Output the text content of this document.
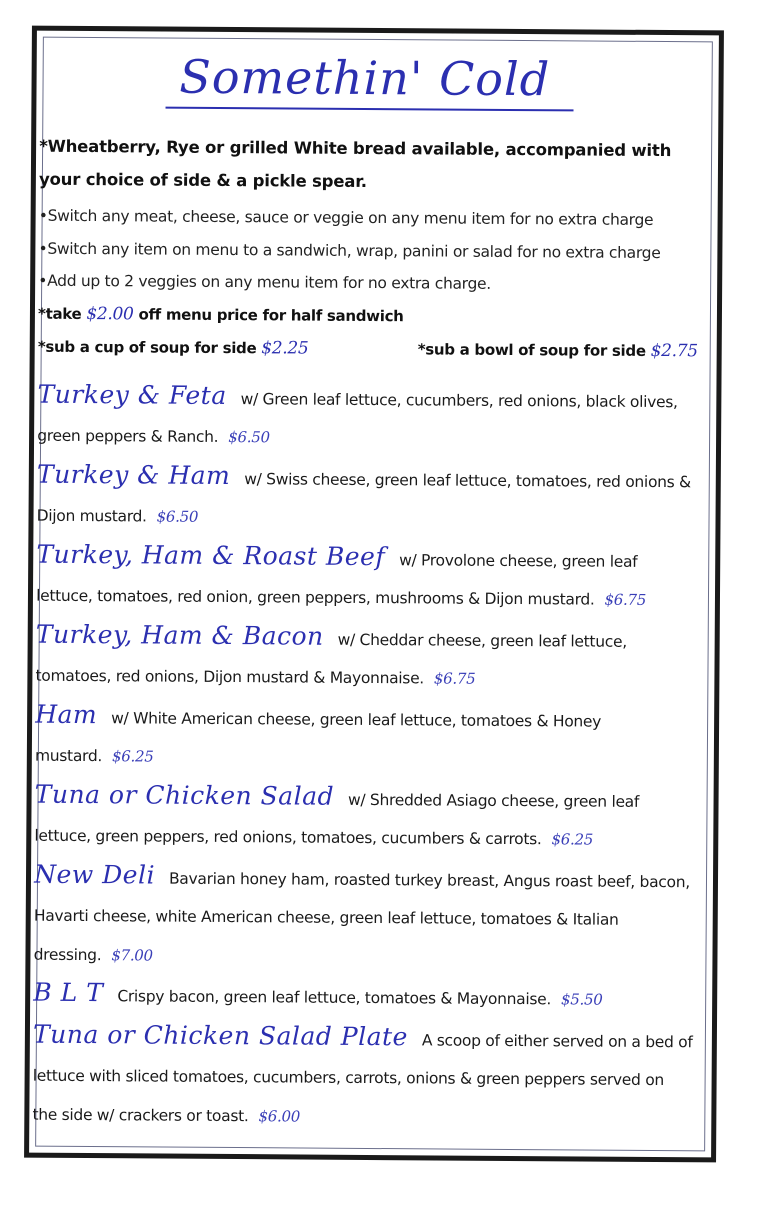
Somethin' Cold
*Wheatberry, Rye or grilled White bread available, accompanied with your choice of side & a pickle spear.
•Switch any meat, cheese, sauce or veggie on any menu item for no extra charge
•Switch any item on menu to a sandwich, wrap, panini or salad for no extra charge
•Add up to 2 veggies on any menu item for no extra charge.
*take $2.00 off menu price for half sandwich
*sub a cup of soup for side $2.25	*sub a bowl of soup for side $2.75
Turkey & Feta w/ Green leaf lettuce, cucumbers, red onions, black olives, green peppers & Ranch. $6.50
Turkey & Ham w/ Swiss cheese, green leaf lettuce, tomatoes, red onions & Dijon mustard. $6.50
Turkey, Ham & Roast Beef w/ Provolone cheese, green leaf lettuce, tomatoes, red onion, green peppers, mushrooms & Dijon mustard. $6.75
Turkey, Ham & Bacon w/ Cheddar cheese, green leaf lettuce, tomatoes, red onions, Dijon mustard & Mayonnaise. $6.75
Ham w/ White American cheese, green leaf lettuce, tomatoes & Honey mustard. $6.25
Tuna or Chicken Salad w/ Shredded Asiago cheese, green leaf lettuce, green peppers, red onions, tomatoes, cucumbers & carrots. $6.25
New Deli Bavarian honey ham, roasted turkey breast, Angus roast beef, bacon, Havarti cheese, white American cheese, green leaf lettuce, tomatoes & Italian dressing. $7.00
B L T Crispy bacon, green leaf lettuce, tomatoes & Mayonnaise. $5.50
Tuna or Chicken Salad Plate A scoop of either served on a bed of lettuce with sliced tomatoes, cucumbers, carrots, onions & green peppers served on the side w/ crackers or toast. $6.00
